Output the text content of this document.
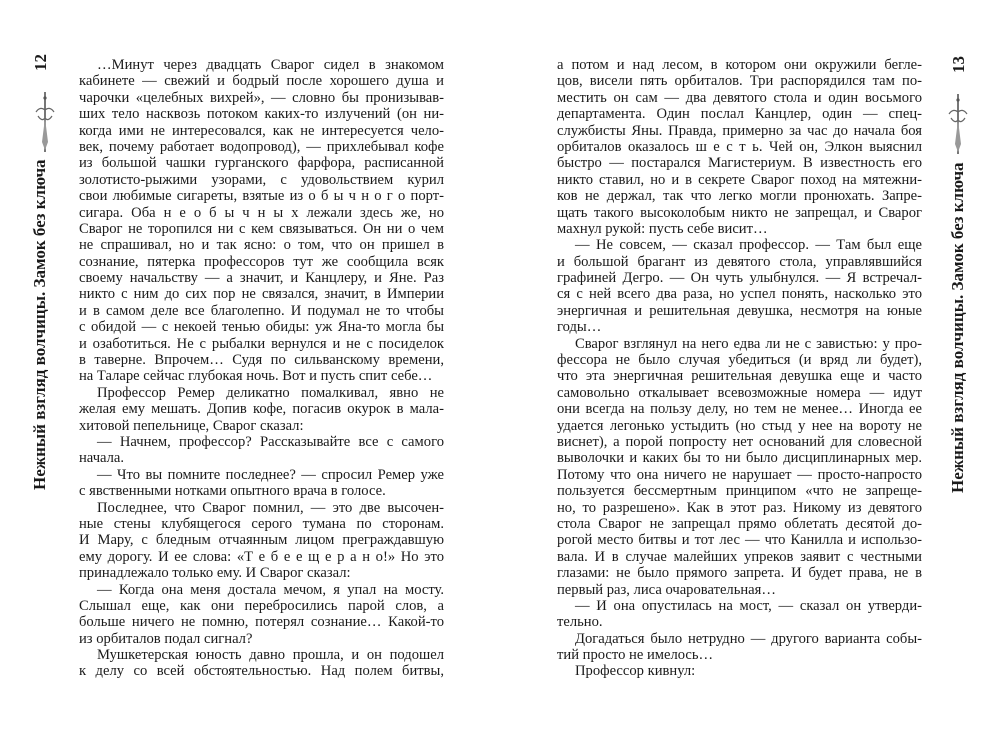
12
Нежный взгляд волчицы. Замок без ключа
…Минут через двадцать Сварог сидел в знакомом
кабинете — свежий и бодрый после хорошего душа и
чарочки «целебных вихрей», — словно бы пронизывав-
ших тело насквозь потоком каких-то излучений (он ни-
когда ими не интересовался, как не интересуется чело-
век, почему работает водопровод), — прихлебывал кофе
из большой чашки гурганского фарфора, расписанной
золотисто-рыжими узорами, с удовольствием курил
свои любимые сигареты, взятые из о б ы ч н о г о порт-
сигара. Оба н е о б ы ч н ы х лежали здесь же, но
Сварог не торопился ни с кем связываться. Он ни о чем
не спрашивал, но и так ясно: о том, что он пришел в
сознание, пятерка профессоров тут же сообщила всяк
своему начальству — а значит, и Канцлеру, и Яне. Раз
никто с ним до сих пор не связался, значит, в Империи
и в самом деле все благолепно. И подумал не то чтобы
с обидой — с некоей тенью обиды: уж Яна-то могла бы
и озаботиться. Не с рыбалки вернулся и не с посиделок
в таверне. Впрочем… Судя по сильванскому времени,
на Таларе сейчас глубокая ночь. Вот и пусть спит себе…
Профессор Ремер деликатно помалкивал, явно не
желая ему мешать. Допив кофе, погасив окурок в мала-
хитовой пепельнице, Сварог сказал:
— Начнем, профессор? Рассказывайте все с самого
начала.
— Что вы помните последнее? — спросил Ремер уже
с явственными нотками опытного врача в голосе.
Последнее, что Сварог помнил, — это две высочен-
ные стены клубящегося серого тумана по сторонам.
И Мару, с бледным отчаянным лицом преграждавшую
ему дорогу. И ее слова: «Т е б е е щ е р а н о!» Но это
принадлежало только ему. И Сварог сказал:
— Когда она меня достала мечом, я упал на мосту.
Слышал еще, как они перебросились парой слов, а
больше ничего не помню, потерял сознание… Какой-то
из орбиталов подал сигнал?
Мушкетерская юность давно прошла, и он подошел
к делу со всей обстоятельностью. Над полем битвы,
13
Нежный взгляд волчицы. Замок без ключа
а потом и над лесом, в котором они окружили бегле-
цов, висели пять орбиталов. Три распорядился там по-
местить он сам — два девятого стола и один восьмого
департамента. Один послал Канцлер, один — спец-
службисты Яны. Правда, примерно за час до начала боя
орбиталов оказалось ш е с т ь. Чей он, Элкон выяснил
быстро — постарался Магистериум. В известность его
никто ставил, но и в секрете Сварог поход на мятежни-
ков не держал, так что легко могли пронюхать. Запре-
щать такого высоколобым никто не запрещал, и Сварог
махнул рукой: пусть себе висит…
— Не совсем, — сказал профессор. — Там был еще
и большой брагант из девятого стола, управлявшийся
графиней Дегро. — Он чуть улыбнулся. — Я встречал-
ся с ней всего два раза, но успел понять, насколько это
энергичная и решительная девушка, несмотря на юные
годы…
Сварог взглянул на него едва ли не с завистью: у про-
фессора не было случая убедиться (и вряд ли будет),
что эта энергичная решительная девушка еще и часто
самовольно откалывает всевозможные номера — идут
они всегда на пользу делу, но тем не менее… Иногда ее
удается легонько устыдить (но стыд у нее на вороту не
виснет), а порой попросту нет оснований для словесной
выволочки и каких бы то ни было дисциплинарных мер.
Потому что она ничего не нарушает — просто-напросто
пользуется бессмертным принципом «что не запреще-
но, то разрешено». Как в этот раз. Никому из девятого
стола Сварог не запрещал прямо облетать десятой до-
рогой место битвы и тот лес — что Канилла и использо-
вала. И в случае малейших упреков заявит с честными
глазами: не было прямого запрета. И будет права, не в
первый раз, лиса очаровательная…
— И она опустилась на мост, — сказал он утверди-
тельно.
Догадаться было нетрудно — другого варианта собы-
тий просто не имелось…
Профессор кивнул:
